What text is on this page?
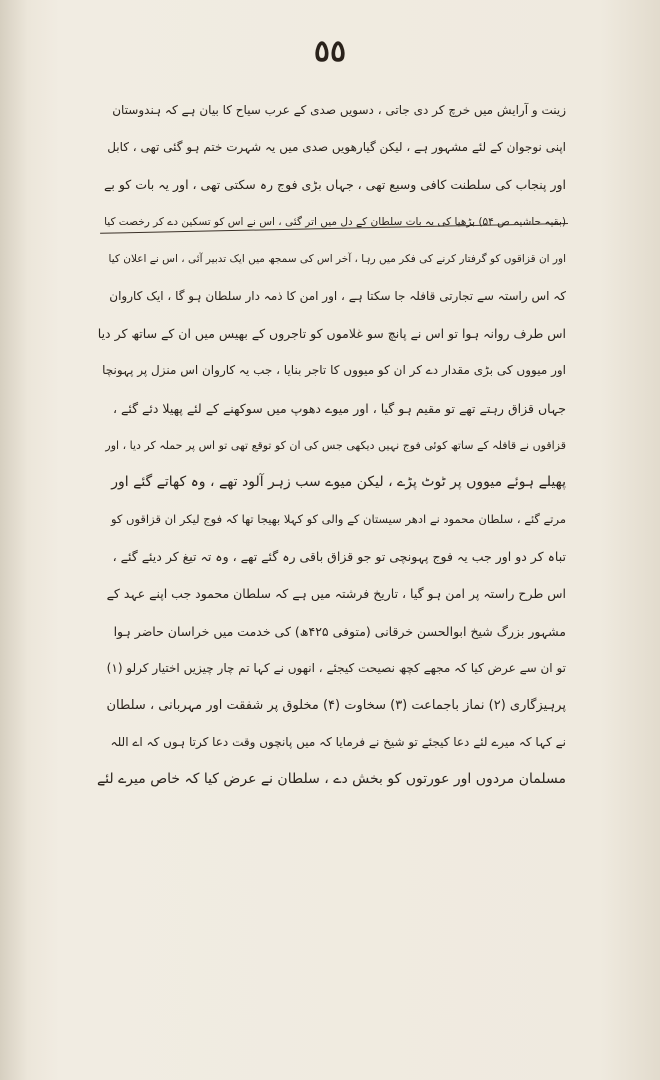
٥٥
زینت و آرایش میں خرچ کر دی جاتی ، دسویں صدی کے عرب سیاح کا بیان ہے کہ ہندوستان
اپنی نوجوان کے لئے مشہور ہے ، لیکن گیارھویں صدی میں یہ شہرت ختم ہو گئی تھی ، کابل
اور پنجاب کی سلطنت کافی وسیع تھی ، جہاں بڑی فوج رہ سکتی تھی ، اور یہ بات کو بے
(بقیہ حاشیہ ص ۵۴) بڑھیا کی یہ بات سلطان کے دل میں اتر گئی ، اس نے اس کو تسکین دے کر رخصت کیا
اور ان قزاقوں کو گرفتار کرنے کی فکر میں رہا ، آخر اس کی سمجھ میں ایک تدبیر آئی ، اس نے اعلان کیا
کہ اس راستہ سے تجارتی قافلہ جا سکتا ہے ، اور امن کا ذمہ دار سلطان ہو گا ، ایک کاروان
اس طرف روانہ ہوا تو اس نے پانچ سو غلاموں کو تاجروں کے بھیس میں ان کے ساتھ کر دیا
اور میووں کی بڑی مقدار دے کر ان کو میووں کا تاجر بنایا ، جب یہ کاروان اس منزل پر پہونچا
جہاں قزاق رہتے تھے تو مقیم ہو گیا ، اور میوے دھوپ میں سوکھنے کے لئے پھیلا دئے گئے ،
قزاقوں نے قافلہ کے ساتھ کوئی فوج نہیں دیکھی جس کی ان کو توقع تھی تو اس پر حملہ کر دیا ، اور
پھیلے ہوئے میووں پر ٹوٹ پڑے ، لیکن میوے سب زہر آلود تھے ، وہ کھاتے گئے اور
مرتے گئے ، سلطان محمود نے ادھر سیستان کے والی کو کہلا بھیجا تھا کہ فوج لیکر ان قزاقوں کو
تباہ کر دو اور جب یہ فوج پہونچی تو جو قزاق باقی رہ گئے تھے ، وہ تہ تیغ کر دیئے گئے ،
اس طرح راستہ پر امن ہو گیا ، تاریخ فرشتہ میں ہے کہ سلطان محمود جب اپنے عہد کے
مشہور بزرگ شیخ ابوالحسن خرقانی (متوفی ۴۲۵ھ) کی خدمت میں خراسان حاضر ہوا
تو ان سے عرض کیا کہ مجھے کچھ نصیحت کیجئے ، انھوں نے کہا تم چار چیزیں اختیار کرلو (۱)
پرہیزگاری (۲) نماز باجماعت (۳) سخاوت (۴) مخلوق پر شفقت اور مہربانی ، سلطان
نے کہا کہ میرے لئے دعا کیجئے تو شیخ نے فرمایا کہ میں پانچوں وقت دعا کرتا ہوں کہ اے اللہ
مسلمان مردوں اور عورتوں کو بخش دے ، سلطان نے عرض کیا کہ خاص میرے لئے
